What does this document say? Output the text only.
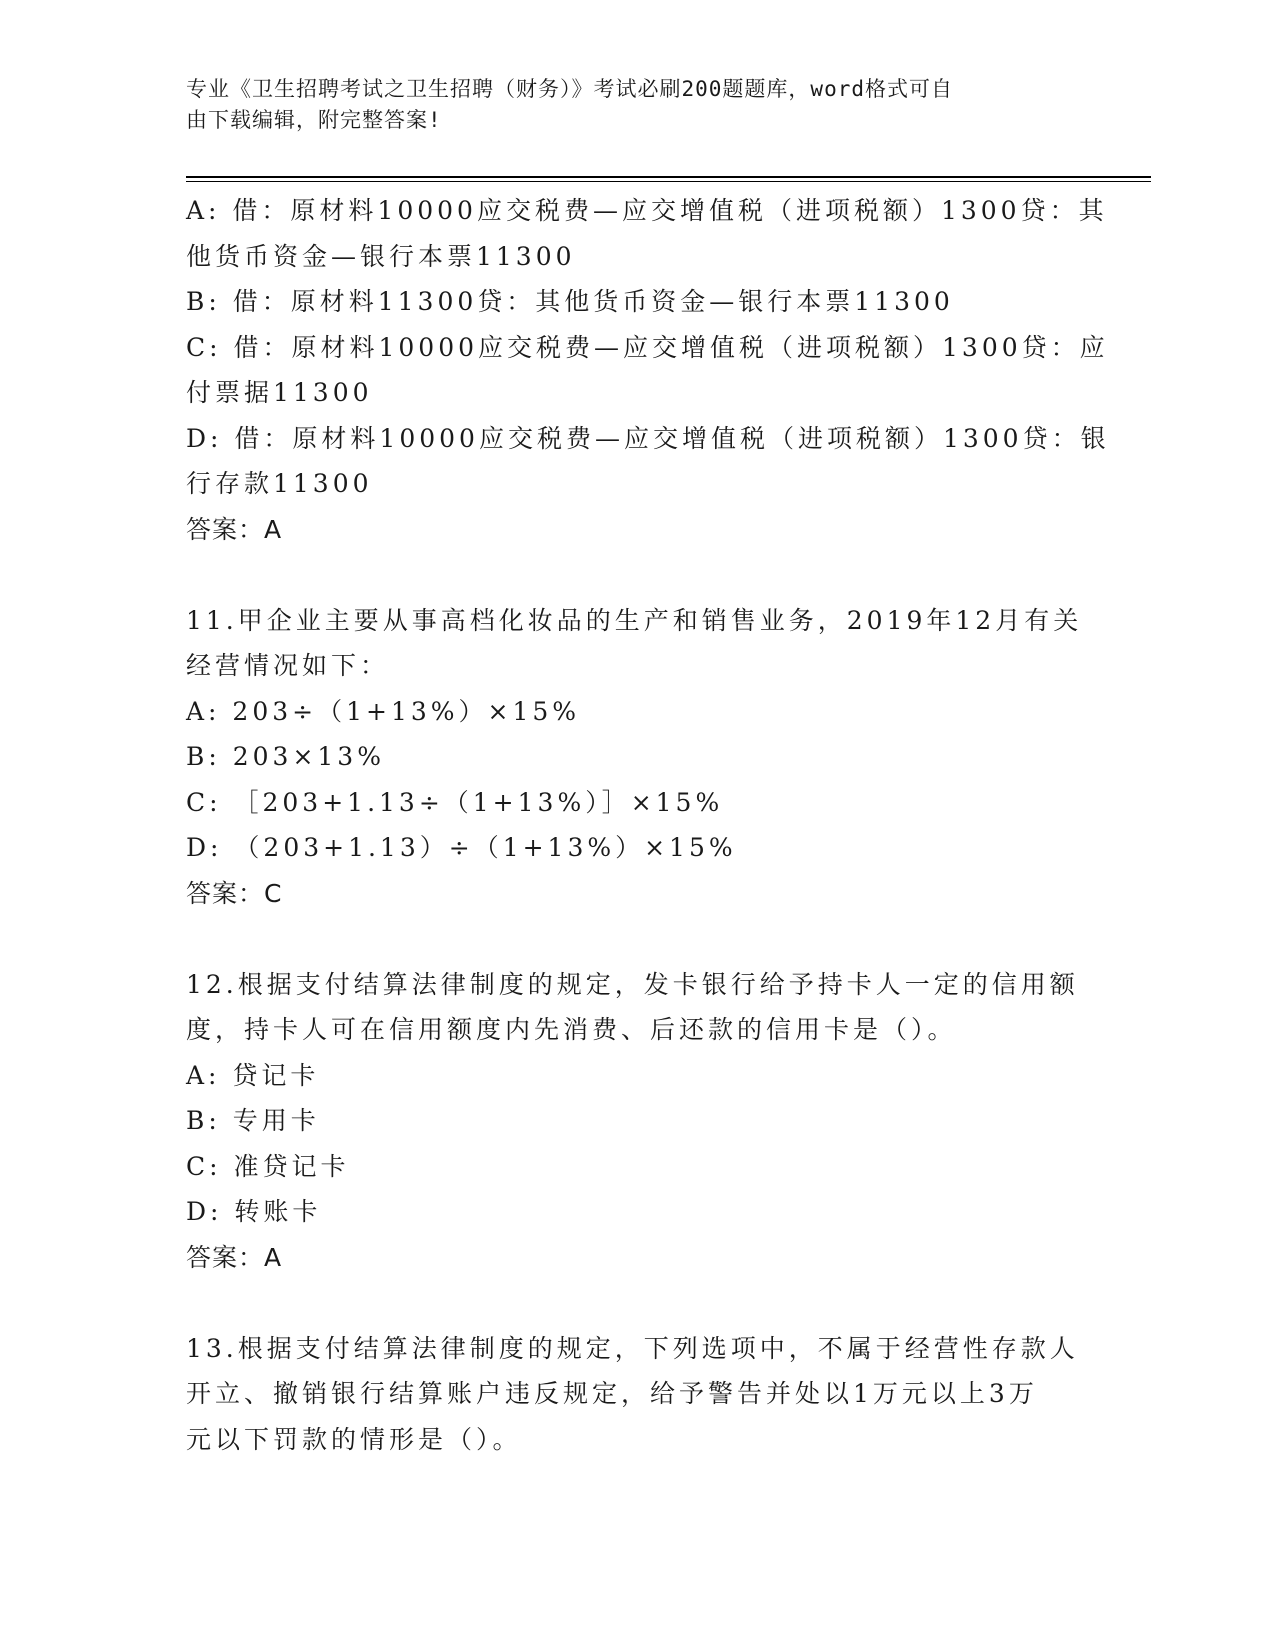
专业《卫生招聘考试之卫生招聘（财务）》考试必刷200题题库，word格式可自
由下载编辑，附完整答案!

A: 借：原材料10000应交税费—应交增值税（进项税额）1300贷：其

他货币资金—银行本票11300

B: 借：原材料11300贷：其他货币资金—银行本票11300

C: 借：原材料10000应交税费—应交增值税（进项税额）1300贷：应

付票据11300

D: 借：原材料10000应交税费—应交增值税（进项税额）1300贷：银

行存款11300

答案：A

11.甲企业主要从事高档化妆品的生产和销售业务，2019年12月有关

经营情况如下：

A: 203÷（1+13%）×15%

B: 203×13%

C: ［203+1.13÷（1+13%）］×15%

D: （203+1.13）÷（1+13%）×15%

答案：C

12.根据支付结算法律制度的规定，发卡银行给予持卡人一定的信用额

度，持卡人可在信用额度内先消费、后还款的信用卡是（）。

A: 贷记卡

B: 专用卡

C: 准贷记卡

D: 转账卡

答案：A

13.根据支付结算法律制度的规定，下列选项中，不属于经营性存款人

开立、撤销银行结算账户违反规定，给予警告并处以1万元以上3万

元以下罚款的情形是（）。
